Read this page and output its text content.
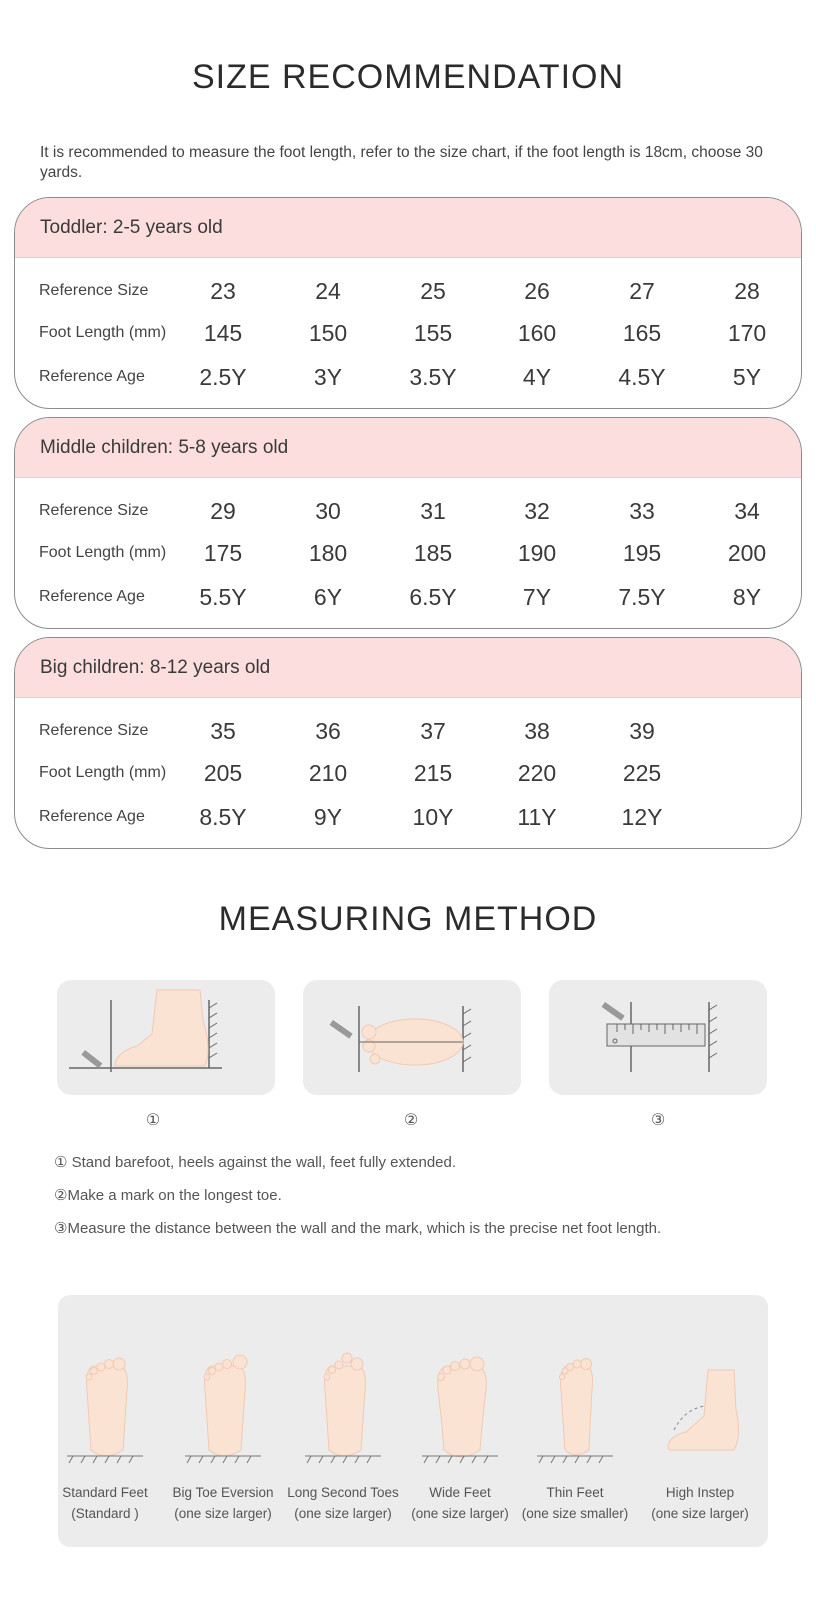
SIZE RECOMMENDATION
It is recommended to measure the foot length, refer to the size chart, if the foot length is 18cm, choose 30 yards.
Toddler: 2-5 years old
Reference Size	23	24	25	26	27	28
Foot Length (mm)	145	150	155	160	165	170
Reference Age	2.5Y	3Y	3.5Y	4Y	4.5Y	5Y
Middle children: 5-8 years old
Reference Size	29	30	31	32	33	34
Foot Length (mm)	175	180	185	190	195	200
Reference Age	5.5Y	6Y	6.5Y	7Y	7.5Y	8Y
Big children: 8-12 years old
Reference Size	35	36	37	38	39
Foot Length (mm)	205	210	215	220	225
Reference Age	8.5Y	9Y	10Y	11Y	12Y
MEASURING METHOD
①	②	③
① Stand barefoot, heels against the wall, feet fully extended.
②Make a mark on the longest toe.
③Measure the distance between the wall and the mark, which is the precise net foot length.
Standard Feet
(Standard )
Big Toe Eversion
(one size larger)
Long Second Toes
(one size larger)
Wide Feet
(one size larger)
Thin Feet
(one size smaller)
High Instep
(one size larger)
